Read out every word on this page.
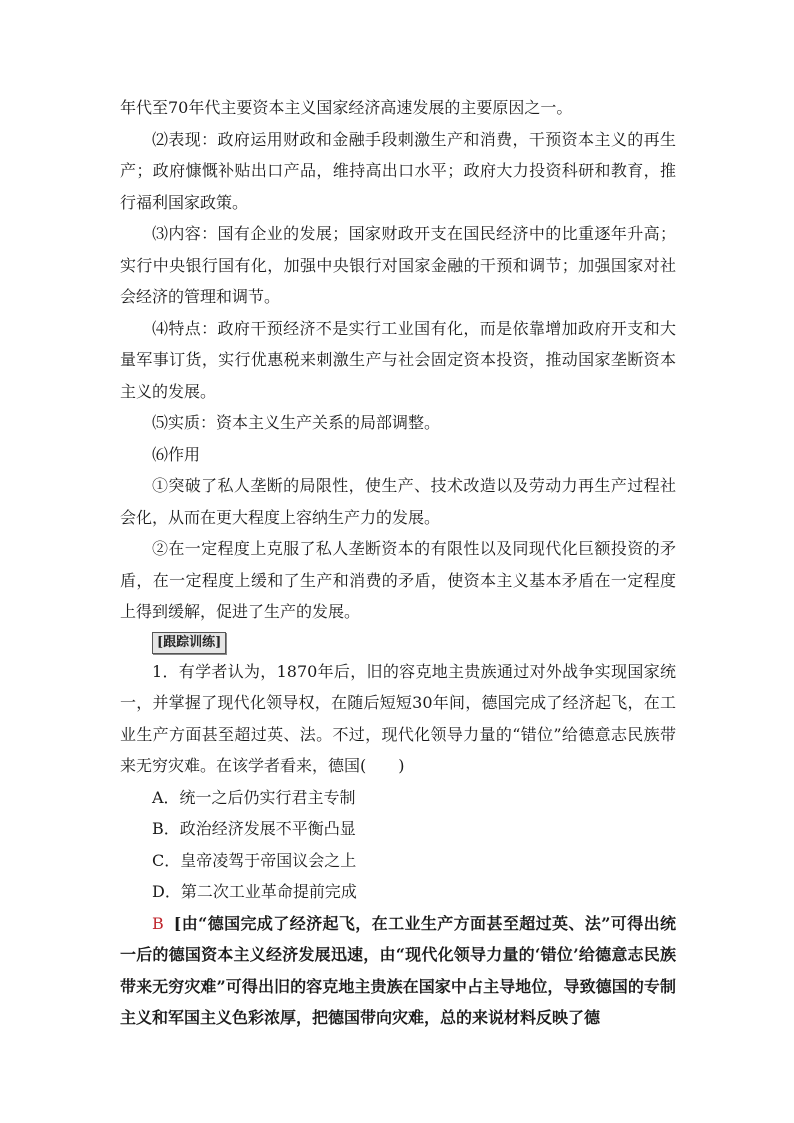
年代至70年代主要资本主义国家经济高速发展的主要原因之一。

⑵表现：政府运用财政和金融手段刺激生产和消费，干预资本主义的再生产；政府慷慨补贴出口产品，维持高出口水平；政府大力投资科研和教育，推行福利国家政策。

⑶内容：国有企业的发展；国家财政开支在国民经济中的比重逐年升高；实行中央银行国有化，加强中央银行对国家金融的干预和调节；加强国家对社会经济的管理和调节。

⑷特点：政府干预经济不是实行工业国有化，而是依靠增加政府开支和大量军事订货，实行优惠税来刺激生产与社会固定资本投资，推动国家垄断资本主义的发展。

⑸实质：资本主义生产关系的局部调整。

⑹作用

①突破了私人垄断的局限性，使生产、技术改造以及劳动力再生产过程社会化，从而在更大程度上容纳生产力的发展。

②在一定程度上克服了私人垄断资本的有限性以及同现代化巨额投资的矛盾，在一定程度上缓和了生产和消费的矛盾，使资本主义基本矛盾在一定程度上得到缓解，促进了生产的发展。

[跟踪训练]

1．有学者认为，1870年后，旧的容克地主贵族通过对外战争实现国家统一，并掌握了现代化领导权，在随后短短30年间，德国完成了经济起飞，在工业生产方面甚至超过英、法。不过，现代化领导力量的“错位”给德意志民族带来无穷灾难。在该学者看来，德国(　　)

A．统一之后仍实行君主专制

B．政治经济发展不平衡凸显

C．皇帝凌驾于帝国议会之上

D．第二次工业革命提前完成

B [由“德国完成了经济起飞，在工业生产方面甚至超过英、法”可得出统一后的德国资本主义经济发展迅速，由“现代化领导力量的‘错位’给德意志民族带来无穷灾难”可得出旧的容克地主贵族在国家中占主导地位，导致德国的专制主义和军国主义色彩浓厚，把德国带向灾难，总的来说材料反映了德
